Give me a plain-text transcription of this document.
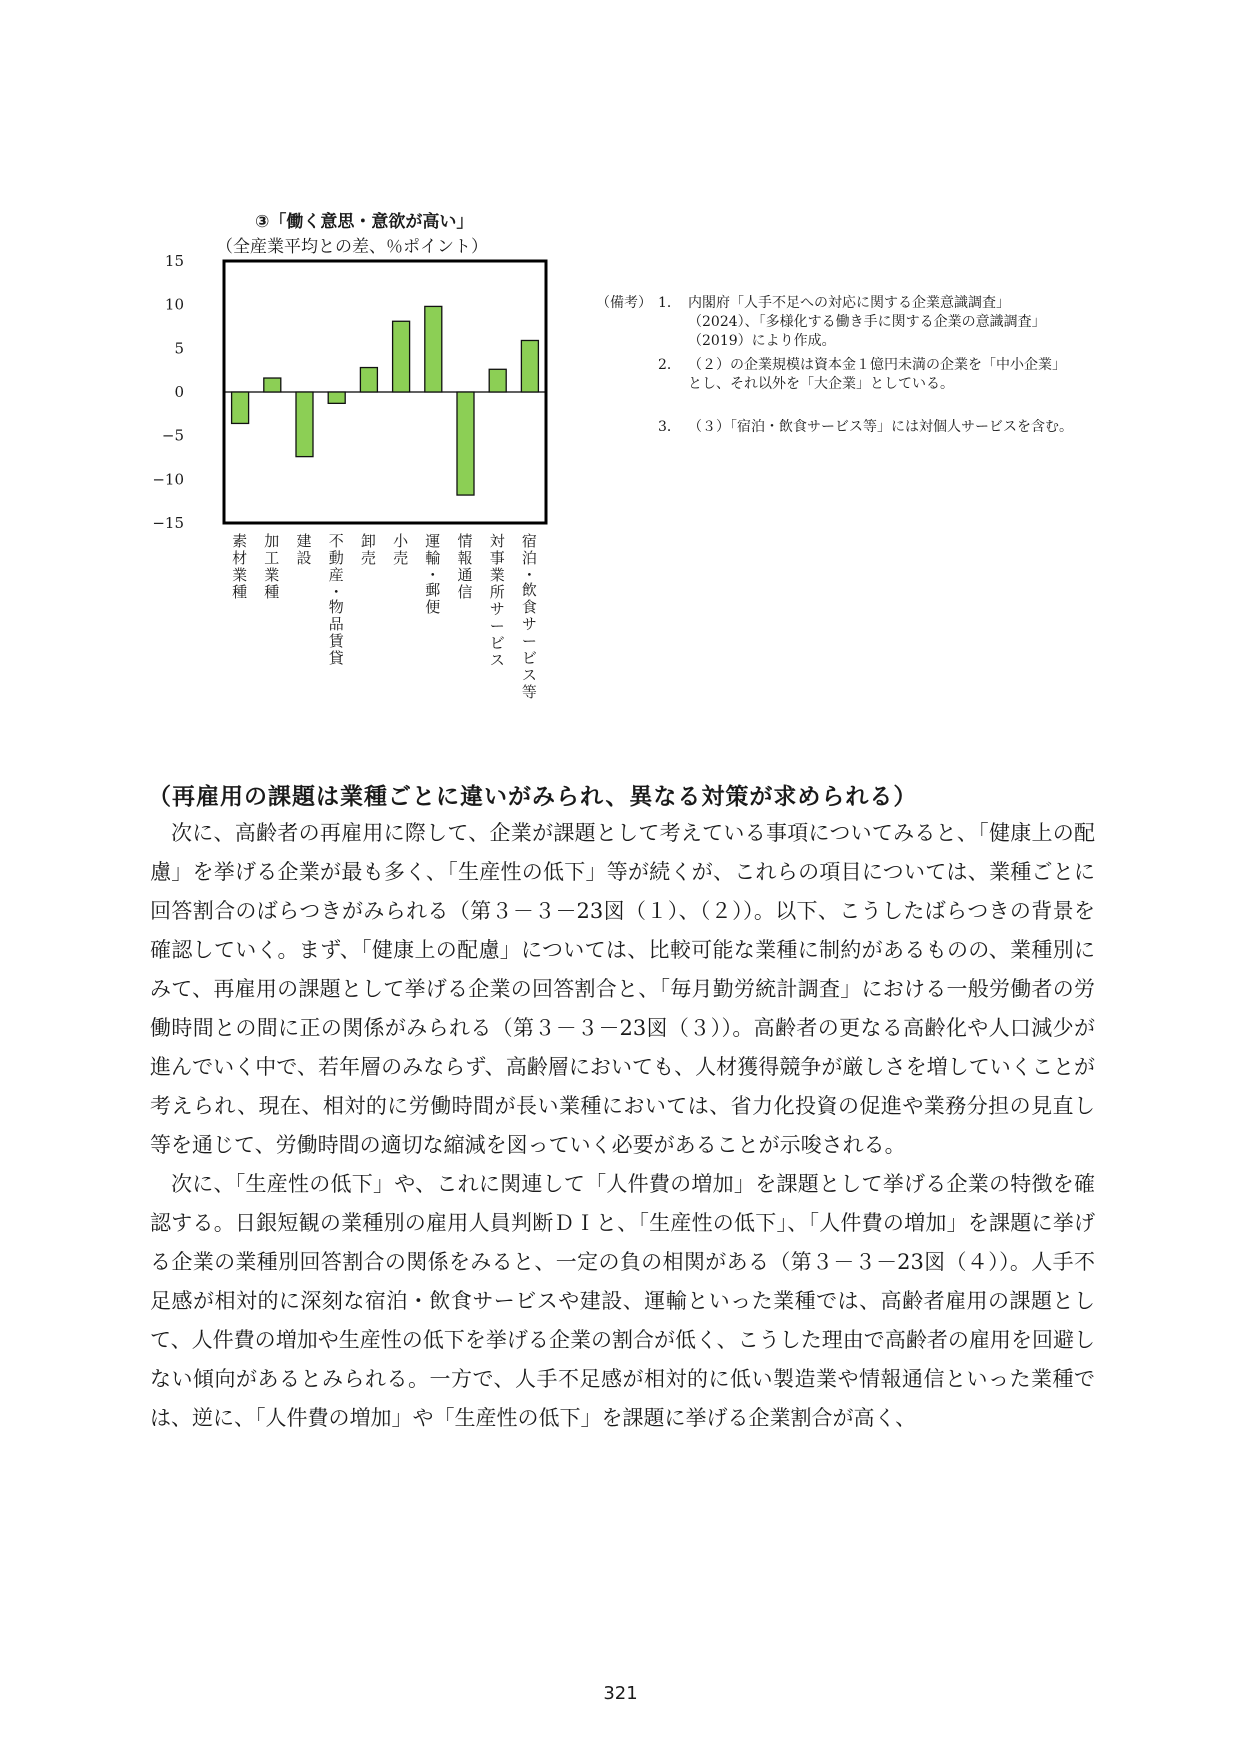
③「働く意思・意欲が高い」
（全産業平均との差、％ポイント）
15
10
5
0
−5
−10
−15
素材業種
加工業種
建設
不動産・物品賃貸
卸売
小売
運輸・郵便
情報通信
対事業所サービス
宿泊・飲食サービス等
（備考） 1． 内閣府「人手不足への対応に関する企業意識調査」（2024）、「多様化する働き手に関する企業の意識調査」（2019）により作成。
2． （２）の企業規模は資本金１億円未満の企業を「中小企業」とし、それ以外を「大企業」としている。
3． （３）「宿泊・飲食サービス等」には対個人サービスを含む。
（再雇用の課題は業種ごとに違いがみられ、異なる対策が求められる）

次に、高齢者の再雇用に際して、企業が課題として考えている事項についてみると、「健康上の配慮」を挙げる企業が最も多く、「生産性の低下」等が続くが、これらの項目については、業種ごとに回答割合のばらつきがみられる（第３－３－23図（１）、（２））。以下、こうしたばらつきの背景を確認していく。まず、「健康上の配慮」については、比較可能な業種に制約があるものの、業種別にみて、再雇用の課題として挙げる企業の回答割合と、「毎月勤労統計調査」における一般労働者の労働時間との間に正の関係がみられる（第３－３－23図（３））。高齢者の更なる高齢化や人口減少が進んでいく中で、若年層のみならず、高齢層においても、人材獲得競争が厳しさを増していくことが考えられ、現在、相対的に労働時間が長い業種においては、省力化投資の促進や業務分担の見直し等を通じて、労働時間の適切な縮減を図っていく必要があることが示唆される。

次に、「生産性の低下」や、これに関連して「人件費の増加」を課題として挙げる企業の特徴を確認する。日銀短観の業種別の雇用人員判断ＤＩと、「生産性の低下」、「人件費の増加」を課題に挙げる企業の業種別回答割合の関係をみると、一定の負の相関がある（第３－３－23図（４））。人手不足感が相対的に深刻な宿泊・飲食サービスや建設、運輸といった業種では、高齢者雇用の課題として、人件費の増加や生産性の低下を挙げる企業の割合が低く、こうした理由で高齢者の雇用を回避しない傾向があるとみられる。一方で、人手不足感が相対的に低い製造業や情報通信といった業種では、逆に、「人件費の増加」や「生産性の低下」を課題に挙げる企業割合が高く、

321
